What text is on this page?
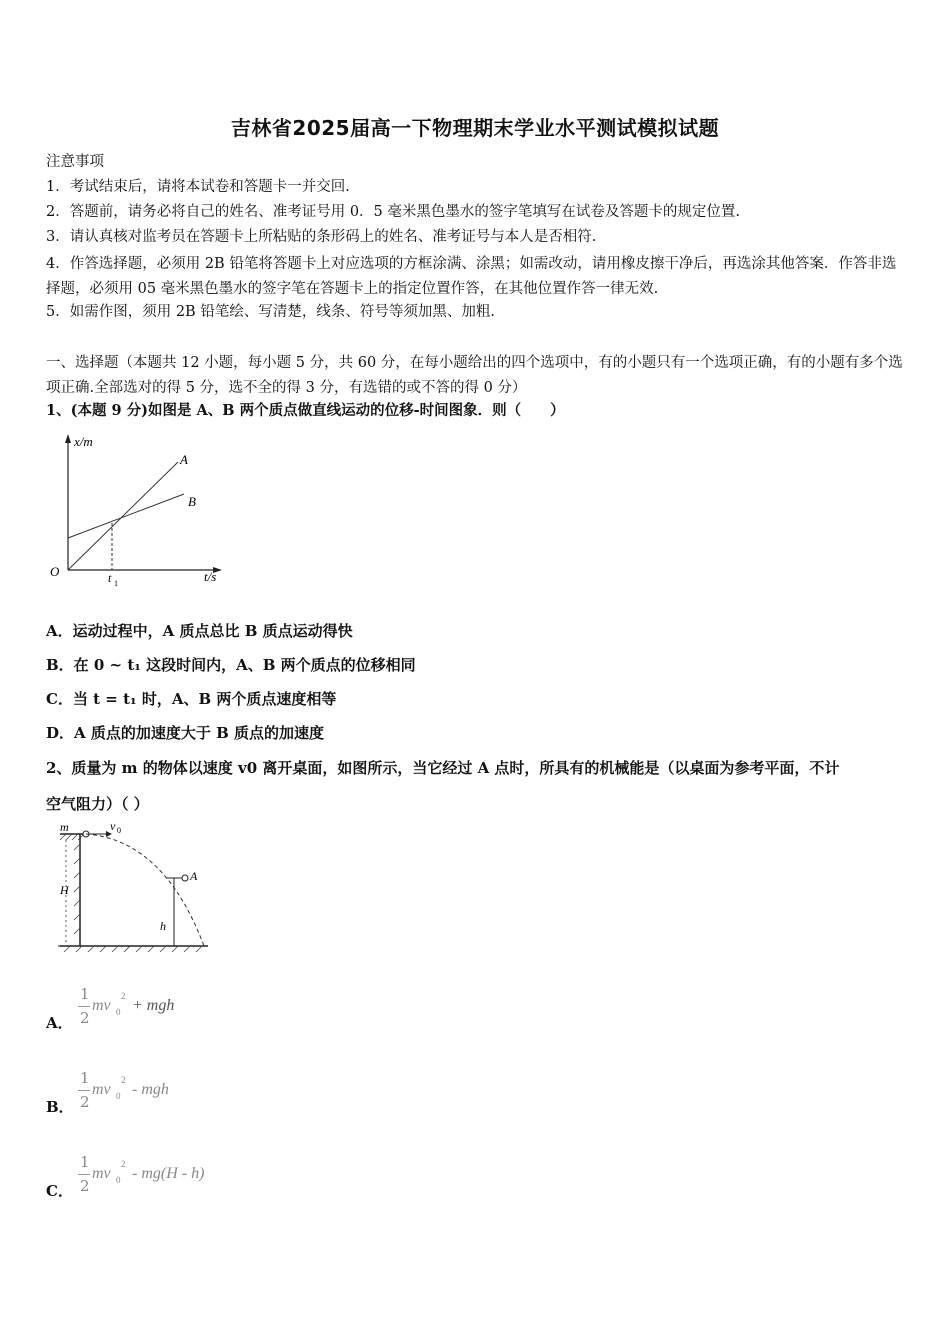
吉林省2025届高一下物理期末学业水平测试模拟试题
注意事项
1．考试结束后，请将本试卷和答题卡一并交回.
2．答题前，请务必将自己的姓名、准考证号用 0．5 毫米黑色墨水的签字笔填写在试卷及答题卡的规定位置.
3．请认真核对监考员在答题卡上所粘贴的条形码上的姓名、准考证号与本人是否相符.
4．作答选择题，必须用 2B 铅笔将答题卡上对应选项的方框涂满、涂黑；如需改动，请用橡皮擦干净后，再选涂其他答案．作答非选择题，必须用 05 毫米黑色墨水的签字笔在答题卡上的指定位置作答，在其他位置作答一律无效.
5．如需作图，须用 2B 铅笔绘、写清楚，线条、符号等须加黑、加粗.
一、选择题（本题共 12 小题，每小题 5 分，共 60 分，在每小题给出的四个选项中，有的小题只有一个选项正确，有的小题有多个选项正确.全部选对的得 5 分，选不全的得 3 分，有选错的或不答的得 0 分）
1、(本题 9 分)如图是 A、B 两个质点做直线运动的位移-时间图象．则（　　）
x/m
t/s
O	t 1
A
B
A．运动过程中，A 质点总比 B 质点运动得快
B．在 0 ~ t₁ 这段时间内，A、B 两个质点的位移相同
C．当 t = t₁ 时，A、B 两个质点速度相等
D．A 质点的加速度大于 B 质点的加速度
2、质量为 m 的物体以速度 v0 离开桌面，如图所示，当它经过 A 点时，所具有的机械能是（以桌面为参考平面，不计
空气阻力）（ ）
m	v 0
H
h
A
A．
1
2
mv 0
2
+ mgh
B．
1
2
mv 0
2
- mgh
C．
1
2
mv 0
2
- mg(H - h)
